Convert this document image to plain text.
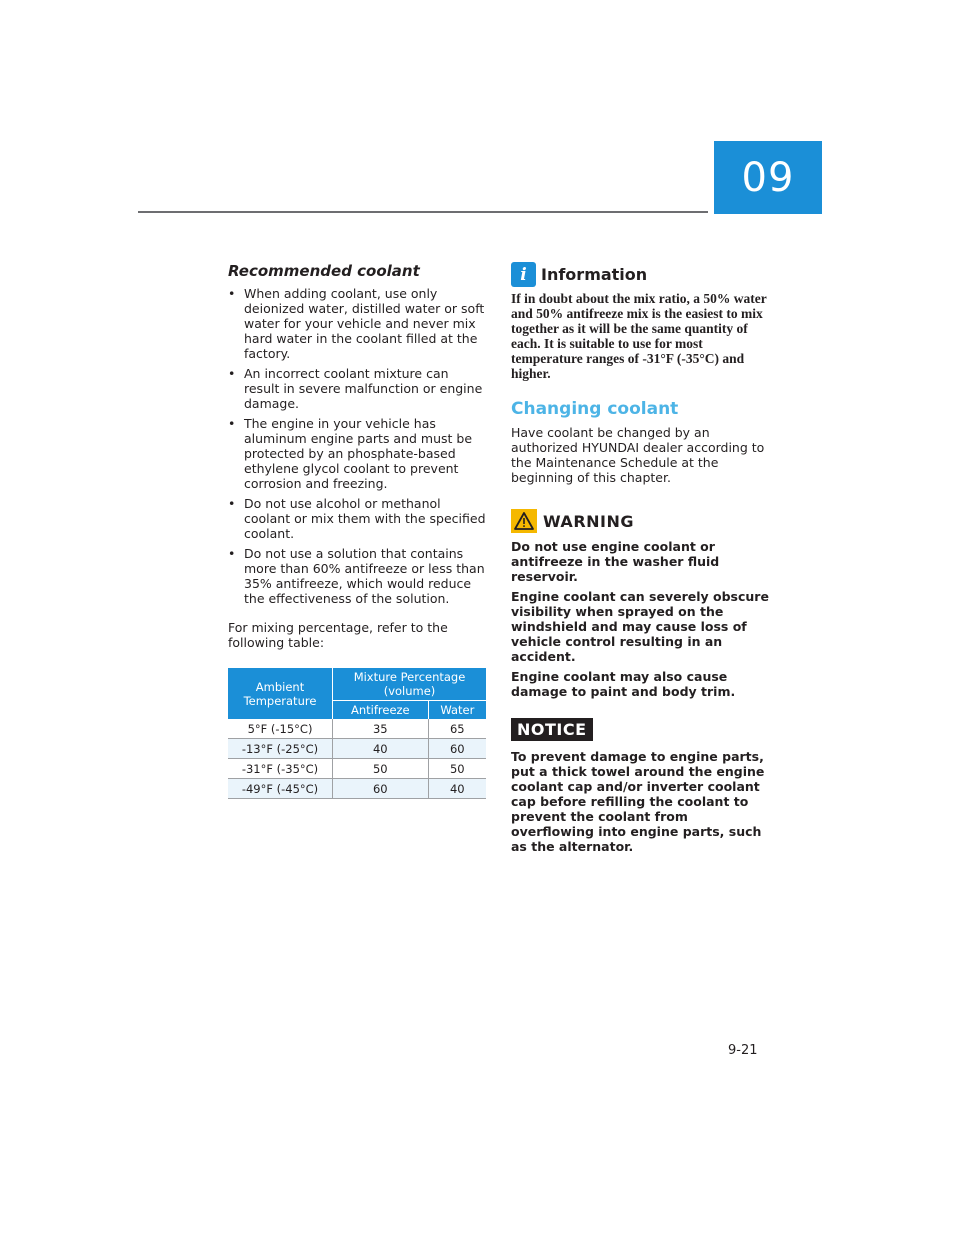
09
Recommended coolant
• When adding coolant, use only deionized water, distilled water or soft water for your vehicle and never mix hard water in the coolant filled at the factory.
• An incorrect coolant mixture can result in severe malfunction or engine damage.
• The engine in your vehicle has aluminum engine parts and must be protected by an phosphate-based ethylene glycol coolant to prevent corrosion and freezing.
• Do not use alcohol or methanol coolant or mix them with the specified coolant.
• Do not use a solution that contains more than 60% antifreeze or less than 35% antifreeze, which would reduce the effectiveness of the solution.

For mixing percentage, refer to the following table:

Ambient Temperature	Mixture Percentage (volume)	
	Antifreeze	Water
5°F (-15°C)	35	65
-13°F (-25°C)	40	60
-31°F (-35°C)	50	50
-49°F (-45°C)	60	40
i Information

If in doubt about the mix ratio, a 50% water and 50% antifreeze mix is the easiest to mix together as it will be the same quantity of each. It is suitable to use for most temperature ranges of -31°F (-35°C) and higher.

Changing coolant

Have coolant be changed by an authorized HYUNDAI dealer according to the Maintenance Schedule at the beginning of this chapter.

WARNING

Do not use engine coolant or antifreeze in the washer fluid reservoir.

Engine coolant can severely obscure visibility when sprayed on the windshield and may cause loss of vehicle control resulting in an accident.

Engine coolant may also cause damage to paint and body trim.

NOTICE

To prevent damage to engine parts, put a thick towel around the engine coolant cap and/or inverter coolant cap before refilling the coolant to prevent the coolant from overflowing into engine parts, such as the alternator.

9-21
